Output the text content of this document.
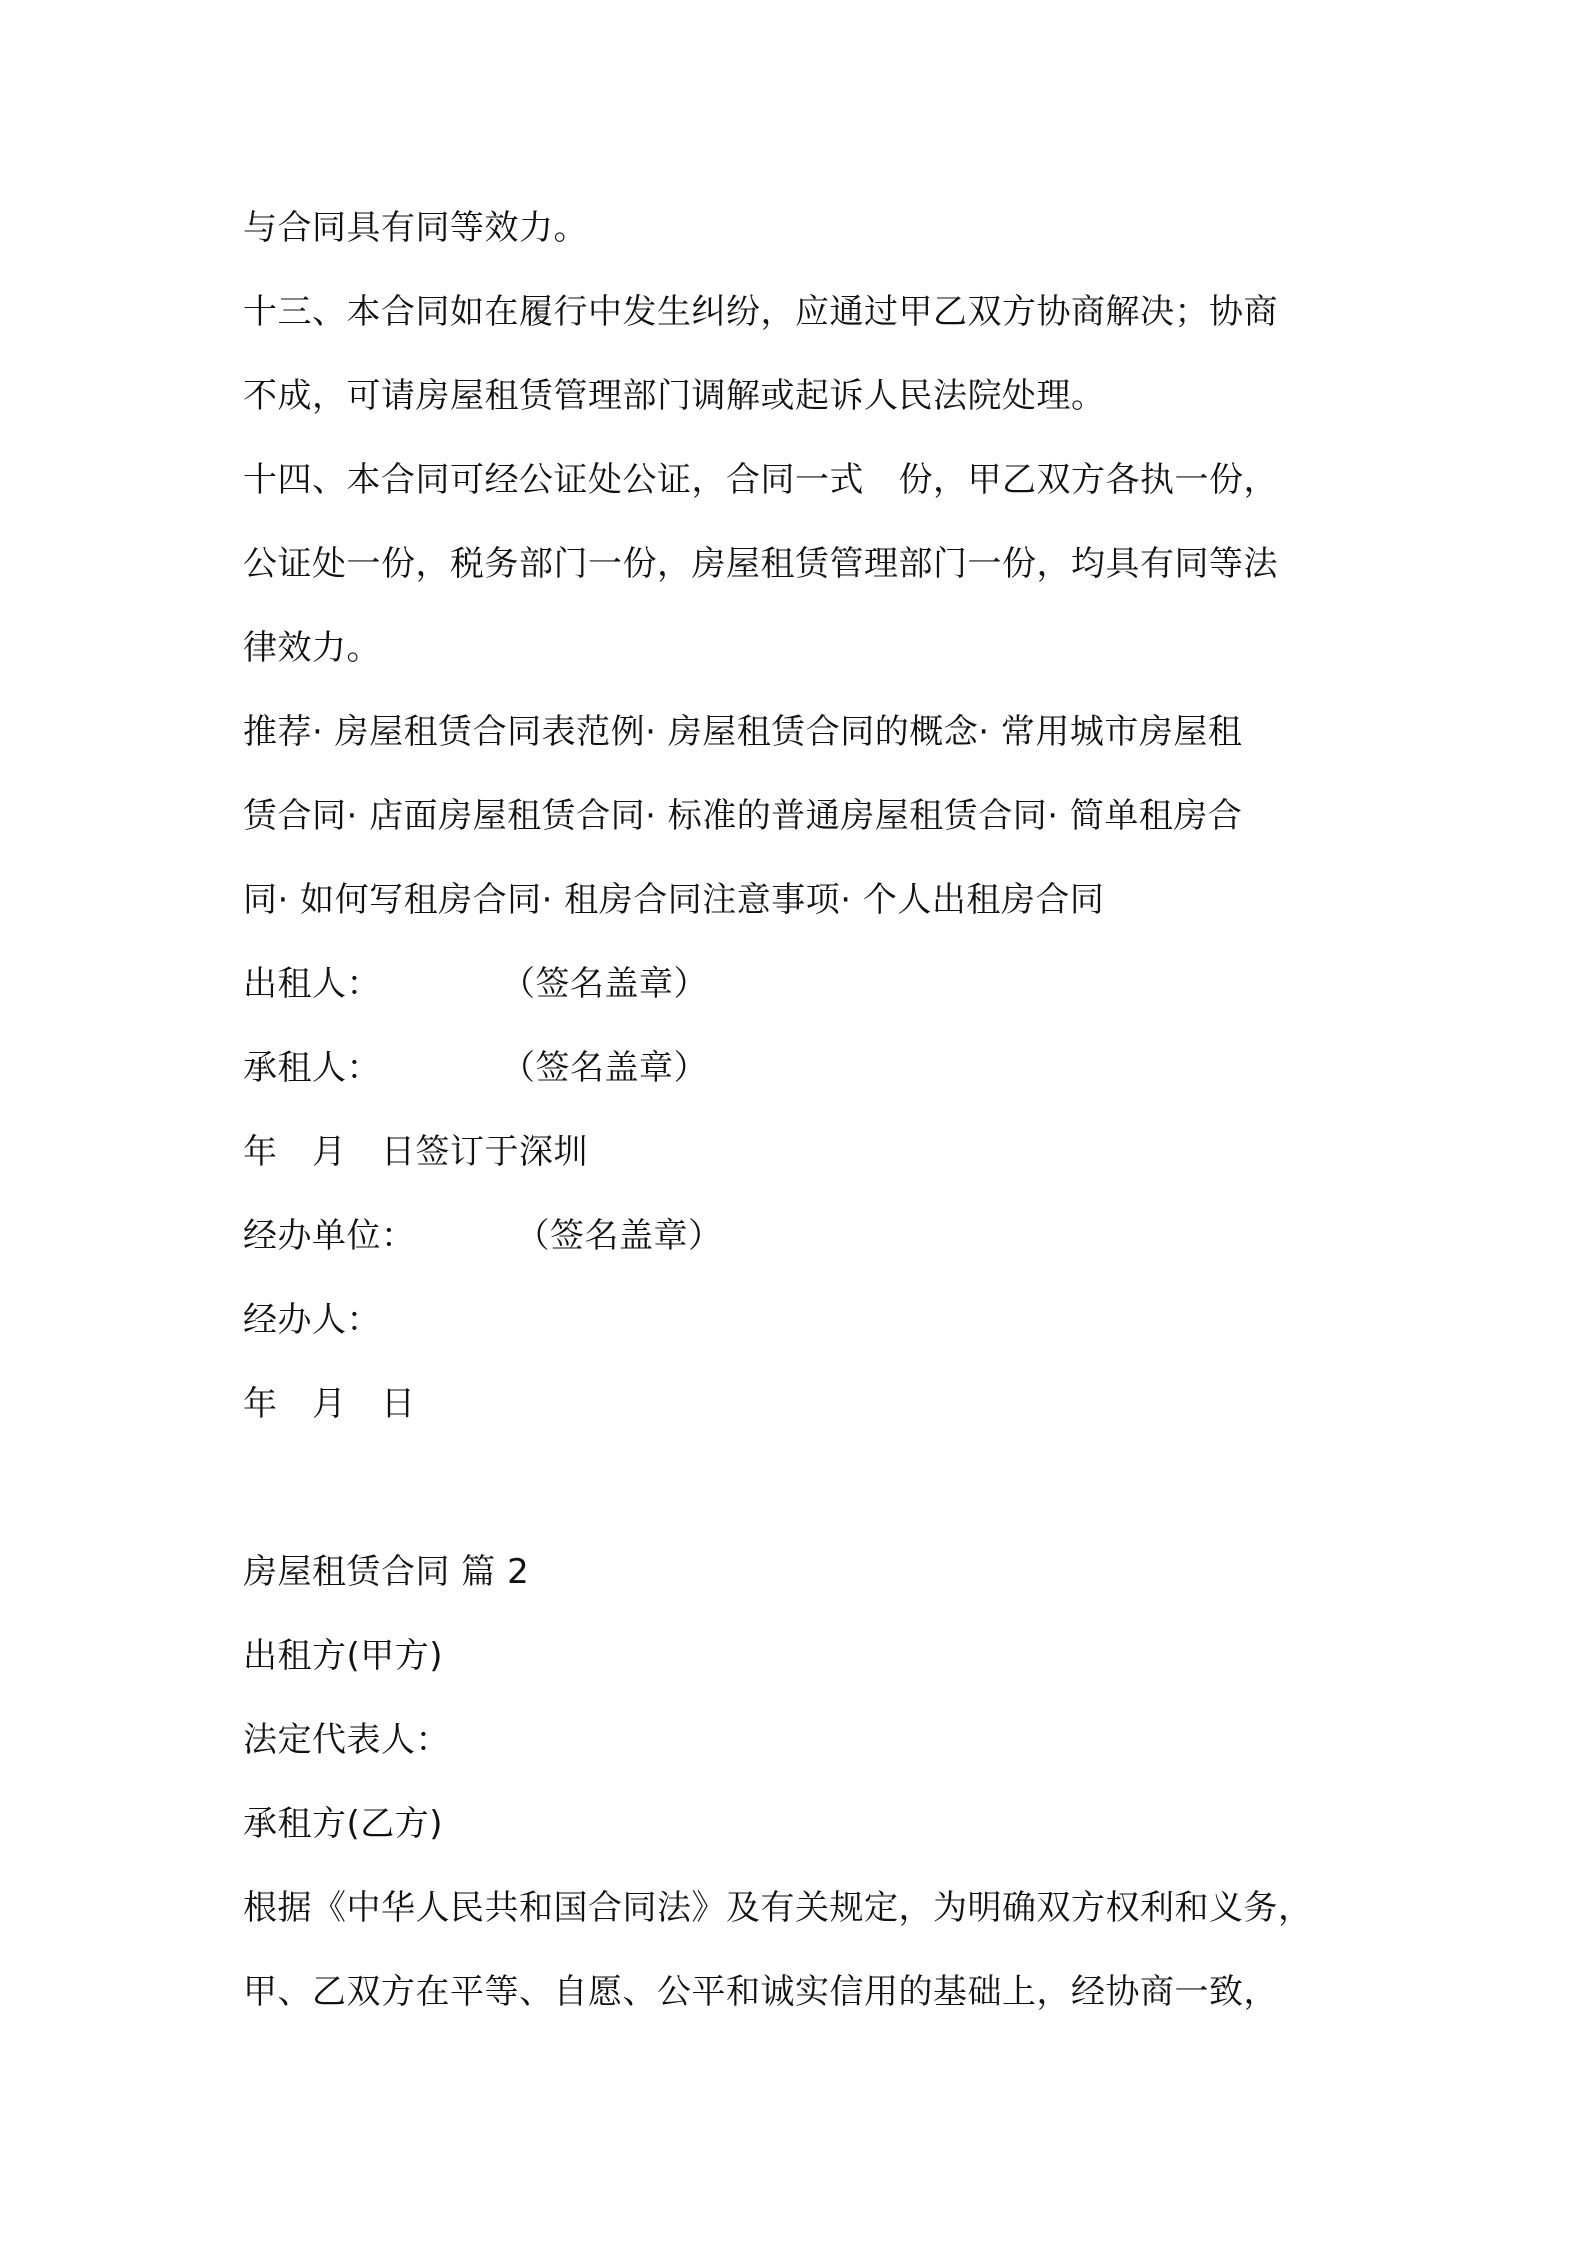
与合同具有同等效力。
十三、本合同如在履行中发生纠纷，应通过甲乙双方协商解决；协商
不成，可请房屋租赁管理部门调解或起诉人民法院处理。
十四、本合同可经公证处公证，合同一式　份，甲乙双方各执一份，
公证处一份，税务部门一份，房屋租赁管理部门一份，均具有同等法
律效力。
推荐· 房屋租赁合同表范例· 房屋租赁合同的概念· 常用城市房屋租
赁合同· 店面房屋租赁合同· 标准的普通房屋租赁合同· 简单租房合
同· 如何写租房合同· 租房合同注意事项· 个人出租房合同
出租人：	（签名盖章）
承租人：	（签名盖章）
年　月　日签订于深圳
经办单位：	（签名盖章）
经办人：
年　月　日
房屋租赁合同 篇 2
出租方(甲方)
法定代表人：
承租方(乙方)
根据《中华人民共和国合同法》及有关规定，为明确双方权利和义务，
甲、乙双方在平等、自愿、公平和诚实信用的基础上，经协商一致，
